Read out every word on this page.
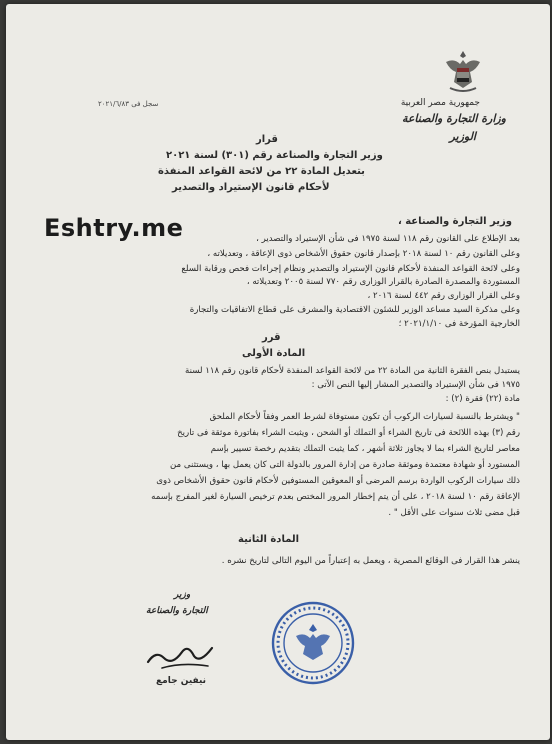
جمهورية مصر العربية
وزارة التجارة والصناعة
الوزير
سجل فى ٢٠٢١/٦/٨٣
قرار
وزير التجارة والصناعة رقم (٣٠١) لسنة ٢٠٢١
بتعديل المادة ٢٢ من لائحة القواعد المنفذة
لأحكام قانون الإستيراد والتصدير
Eshtry.me	وزير التجارة والصناعة ،
بعد الإطلاع على القانون رقم ١١٨ لسنة ١٩٧٥ فى شأن الإستيراد والتصدير ،
وعلى القانون رقم ١٠ لسنة ٢٠١٨ بإصدار قانون حقوق الأشخاص ذوى الإعاقة ، وتعديلاته ،
وعلى لائحة القواعد المنفذة لأحكام قانون الإستيراد والتصدير ونظام إجراءات فحص ورقابة السلع
المستوردة والمصدرة الصادرة بالقرار الوزارى رقم ٧٧٠ لسنة ٢٠٠٥ وتعديلاته ،
وعلى القرار الوزارى رقم ٤٤٢ لسنة ٢٠١٦ ،
وعلى مذكرة السيد مساعد الوزير للشئون الاقتصادية والمشرف على قطاع الاتفاقيات والتجارة
الخارجية المؤرخة فى ٢٠٢١/١/١٠ ؛
قرر
المادة الأولى
يستبدل بنص الفقرة الثانية من المادة ٢٢ من لائحة القواعد المنفذة لأحكام قانون رقم ١١٨ لسنة
١٩٧٥ فى شأن الإستيراد والتصدير المشار إليها النص الآتى :
مادة (٢٢) فقرة (٢) :
" ويشترط بالنسبة لسيارات الركوب أن تكون مستوفاة لشرط العمر وفقاً لأحكام الملحق
رقم (٣) بهذه اللائحة فى تاريخ الشراء أو التملك أو الشحن ، ويثبت الشراء بفاتورة موثقة فى تاريخ
معاصر لتاريخ الشراء بما لا يجاوز ثلاثة أشهر ، كما يثبت التملك بتقديم رخصة تسيير بإسم
المستورد أو شهادة معتمدة وموثقة صادرة من إدارة المرور بالدولة التى كان يعمل بها ، ويستثنى من
ذلك سيارات الركوب الواردة برسم المرضى أو المعوقين المستوفين لأحكام قانون حقوق الأشخاص ذوى
الإعاقة رقم ١٠ لسنة ٢٠١٨ ، على أن يتم إخطار المرور المختص بعدم ترخيص السيارة لغير المفرج بإسمه
قبل مضى ثلاث سنوات على الأقل " .
المادة الثانية
ينشر هذا القرار فى الوقائع المصرية ، ويعمل به إعتباراً من اليوم التالى لتاريخ نشره .
وزير
التجارة والصناعة
نيفين جامع
